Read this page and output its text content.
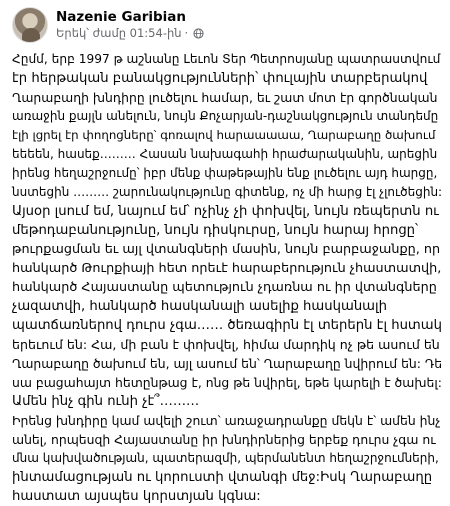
Nazenie Garibian
Երեկ՝ ժամը 01:54-ին ·

Հըմմ, երբ 1997 թ աշնանը Լեւոն Տեր Պետրոսյանը պատրաստվում

էր հերթական բանակցությունների՝ փուլային տարբերակով

Ղարաբաղի խնդիրը լուծելու համար, եւ շատ մոտ էր գործնական

առաջին քայլն անելուն, նույն Քոչարյան-դաշնակցություն տանդեմը

էլի լցրել էր փողոցները՝ գոռալով հարաաաաա, Ղարաբաղը ծախում

եեեեն, հասեք……… Հասան նախագահի հրաժարականին, արեցին

իրենց հեղաշրջումը՝ իբր մենք փաթեթային ենք լուծելու այդ հարցը,

նստեցին ……… շարունակությունը գիտենք, ոչ մի հարց էլ չլուծեցին:

Այսօր լսում եմ, նայում եմ՝ ոչինչ չի փոխվել, նույն ռեպերտն ու

մեթոդաբանությունը, նույն դիսկուրսը, նույն հարայ հրոցը՝

թուրքացման եւ այլ վտանգների մասին, նույն բարբաջանքը, որ

հանկարծ Թուրքիայի հետ որեւէ հարաբերություն չհաստատվի,

հանկարծ Հայաստանը պետություն չդառնա ու իր վտանգները

չազատվի, հանկարծ հասկանալի ասելիք հասկանալի

պատճառներով դուրս չգա…… ծեռագիրն էլ տերերն էլ հստակ

երեւում են: Հա, մի բան է փոխվել, հիմա մարդիկ ոչ թե ասում են

Ղարաբաղը ծախում են, այլ ասում են՝ Ղարաբաղը նվիրում են: Դե

սա բացահայտ հետընթաց է, ոնց թե նվիրել, եթե կարելի է ծախել:

Ամեն ինչ գին ունի չէ՞………

Իրենց խնդիրը կամ ավելի շուտ՝ առաջադրանքը մեկն է՝ ամեն ինչ

անել, որպեսզի Հայաստանը իր խնդիրներից երբեք դուրս չգա ու

մնա կախվածության, պատերազմի, պերմանենտ հեղաշրջումների,

ինտամացության ու կորուստի վտանգի մեջ:Իսկ Ղարաբաղը

հաստատ այսպես կորստյան կգնա:
